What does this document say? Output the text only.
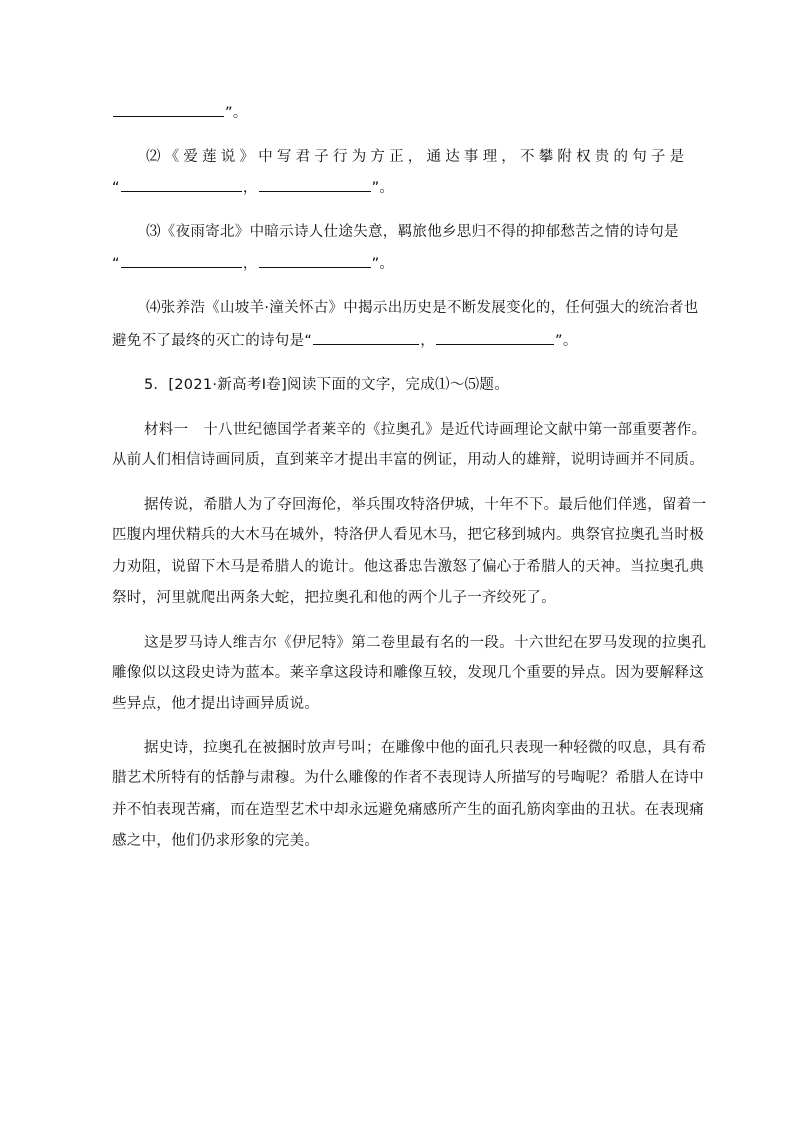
”。
⑵《爱莲说》中写君子行为方正，通达事理，不攀附权贵的句子是
“	，	”。
⑶《夜雨寄北》中暗示诗人仕途失意，羁旅他乡思归不得的抑郁愁苦之情的诗句是
“	，	”。
⑷张养浩《山坡羊·潼关怀古》中揭示出历史是不断发展变化的，任何强大的统治者也
避免不了最终的灭亡的诗句是“	，	”。
5．[2021·新高考Ⅰ卷]阅读下面的文字，完成⑴～⑸题。
材料一　十八世纪德国学者莱辛的《拉奥孔》是近代诗画理论文献中第一部重要著作。
从前人们相信诗画同质，直到莱辛才提出丰富的例证，用动人的雄辩，说明诗画并不同质。
据传说，希腊人为了夺回海伦，举兵围攻特洛伊城，十年不下。最后他们佯逃，留着一
匹腹内埋伏精兵的大木马在城外，特洛伊人看见木马，把它移到城内。典祭官拉奥孔当时极
力劝阻，说留下木马是希腊人的诡计。他这番忠告激怒了偏心于希腊人的天神。当拉奥孔典
祭时，河里就爬出两条大蛇，把拉奥孔和他的两个儿子一齐绞死了。
这是罗马诗人维吉尔《伊尼特》第二卷里最有名的一段。十六世纪在罗马发现的拉奥孔
雕像似以这段史诗为蓝本。莱辛拿这段诗和雕像互较，发现几个重要的异点。因为要解释这
些异点，他才提出诗画异质说。
据史诗，拉奥孔在被捆时放声号叫；在雕像中他的面孔只表现一种轻微的叹息，具有希
腊艺术所特有的恬静与肃穆。为什么雕像的作者不表现诗人所描写的号啕呢？希腊人在诗中
并不怕表现苦痛，而在造型艺术中却永远避免痛感所产生的面孔筋肉挛曲的丑状。在表现痛
感之中，他们仍求形象的完美。
